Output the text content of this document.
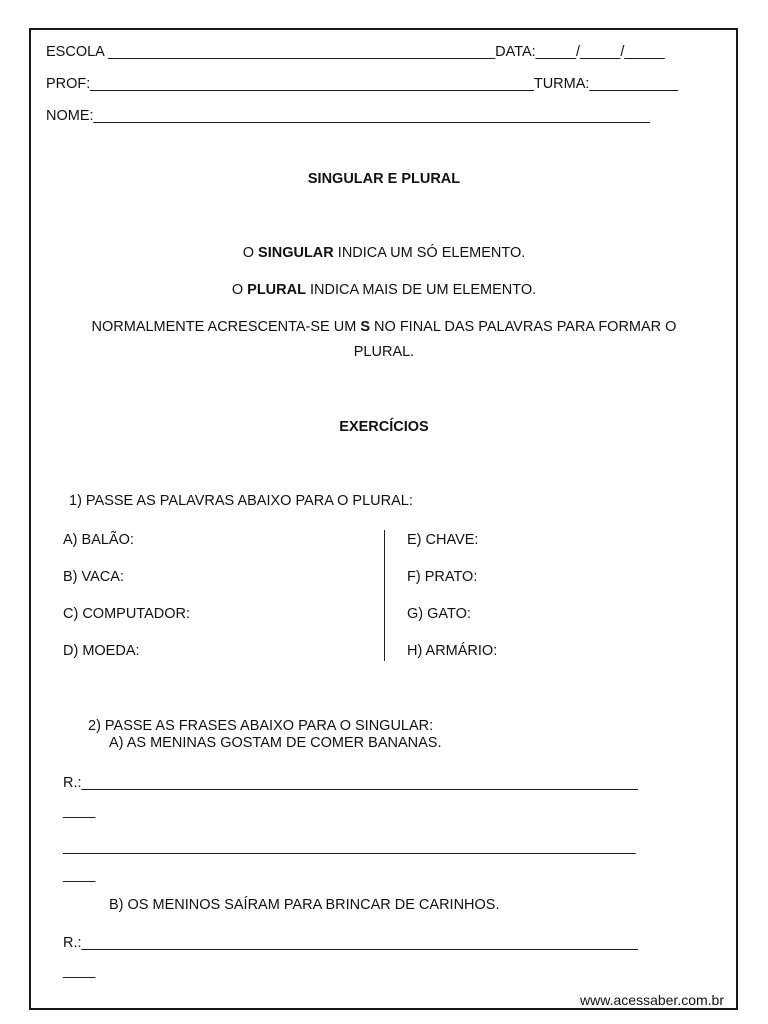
ESCOLA ________________________________________________DATA:_____/_____/_____
PROF:_______________________________________________________TURMA:___________
NOME:_____________________________________________________________________
SINGULAR E PLURAL
O SINGULAR INDICA UM SÓ ELEMENTO.
O PLURAL INDICA MAIS DE UM ELEMENTO.
NORMALMENTE ACRESCENTA-SE UM S NO FINAL DAS PALAVRAS PARA FORMAR O
PLURAL.
EXERCÍCIOS
1) PASSE AS PALAVRAS ABAIXO PARA O PLURAL:
A) BALÃO:
B) VACA:
C) COMPUTADOR:
D) MOEDA:
E) CHAVE:
F) PRATO:
G) GATO:
H) ARMÁRIO:
2) PASSE AS FRASES ABAIXO PARA O SINGULAR:
A) AS MENINAS GOSTAM DE COMER BANANAS.
R.:_____________________________________________________________________
____
_______________________________________________________________________
____
B) OS MENINOS SAÍRAM PARA BRINCAR DE CARINHOS.
R.:_____________________________________________________________________
____
www.acessaber.com.br
